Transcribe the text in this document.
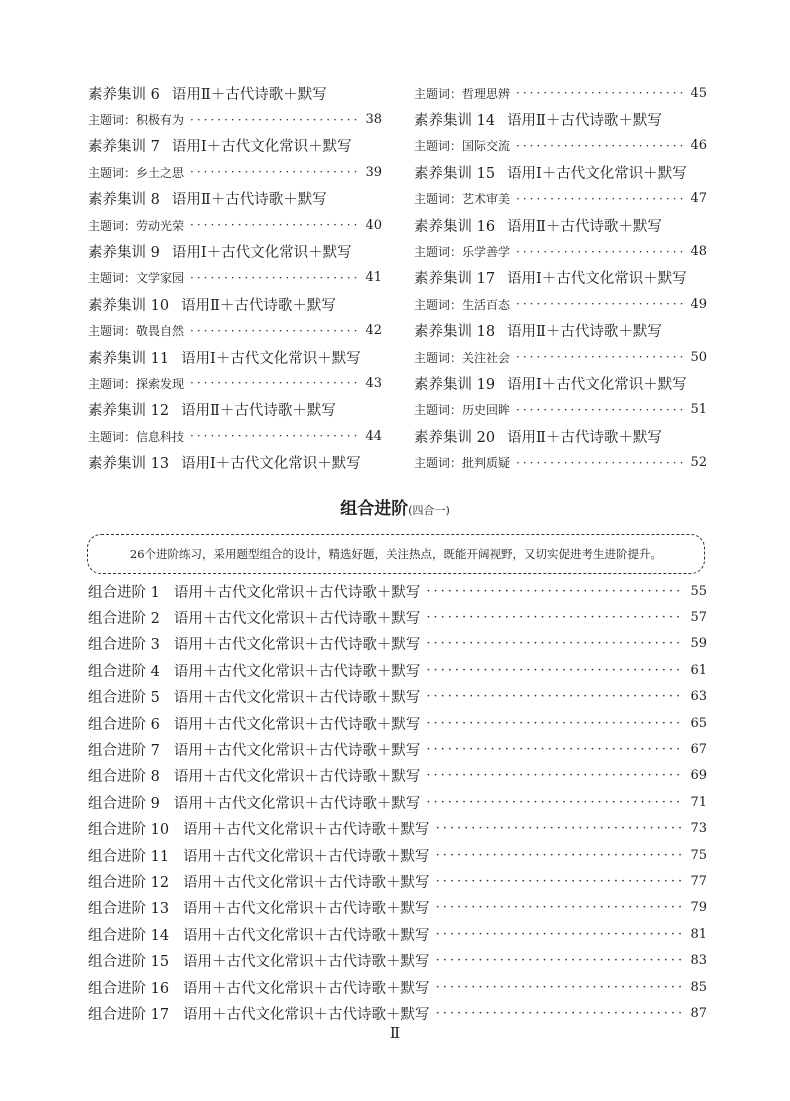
素养集训 6 语用Ⅱ＋古代诗歌＋默写
主题词：积极有为 ·····	38
素养集训 7 语用Ⅰ＋古代文化常识＋默写
主题词：乡土之思 ·····	39
素养集训 8 语用Ⅱ＋古代诗歌＋默写
主题词：劳动光荣 ·····	40
素养集训 9 语用Ⅰ＋古代文化常识＋默写
主题词：文学家园 ·····	41
素养集训 10 语用Ⅱ＋古代诗歌＋默写
主题词：敬畏自然 ·····	42
素养集训 11 语用Ⅰ＋古代文化常识＋默写
主题词：探索发现 ·····	43
素养集训 12 语用Ⅱ＋古代诗歌＋默写
主题词：信息科技 ·····	44
素养集训 13 语用Ⅰ＋古代文化常识＋默写
主题词：哲理思辨 ·····	45
素养集训 14 语用Ⅱ＋古代诗歌＋默写
主题词：国际交流 ·····	46
素养集训 15 语用Ⅰ＋古代文化常识＋默写
主题词：艺术审美 ·····	47
素养集训 16 语用Ⅱ＋古代诗歌＋默写
主题词：乐学善学 ·····	48
素养集训 17 语用Ⅰ＋古代文化常识＋默写
主题词：生活百态 ·····	49
素养集训 18 语用Ⅱ＋古代诗歌＋默写
主题词：关注社会 ·····	50
素养集训 19 语用Ⅰ＋古代文化常识＋默写
主题词：历史回眸 ·····	51
素养集训 20 语用Ⅱ＋古代诗歌＋默写
主题词：批判质疑 ·····	52
组合进阶(四合一)
26个进阶练习，采用题型组合的设计，精选好题，关注热点，既能开阔视野，又切实促进考生进阶提升。
组合进阶 1 语用＋古代文化常识＋古代诗歌＋默写 ·····	55
组合进阶 2 语用＋古代文化常识＋古代诗歌＋默写 ·····	57
组合进阶 3 语用＋古代文化常识＋古代诗歌＋默写 ·····	59
组合进阶 4 语用＋古代文化常识＋古代诗歌＋默写 ·····	61
组合进阶 5 语用＋古代文化常识＋古代诗歌＋默写 ·····	63
组合进阶 6 语用＋古代文化常识＋古代诗歌＋默写 ·····	65
组合进阶 7 语用＋古代文化常识＋古代诗歌＋默写 ·····	67
组合进阶 8 语用＋古代文化常识＋古代诗歌＋默写 ·····	69
组合进阶 9 语用＋古代文化常识＋古代诗歌＋默写 ·····	71
组合进阶 10 语用＋古代文化常识＋古代诗歌＋默写 ·····	73
组合进阶 11 语用＋古代文化常识＋古代诗歌＋默写 ·····	75
组合进阶 12 语用＋古代文化常识＋古代诗歌＋默写 ·····	77
组合进阶 13 语用＋古代文化常识＋古代诗歌＋默写 ·····	79
组合进阶 14 语用＋古代文化常识＋古代诗歌＋默写 ·····	81
组合进阶 15 语用＋古代文化常识＋古代诗歌＋默写 ·····	83
组合进阶 16 语用＋古代文化常识＋古代诗歌＋默写 ·····	85
组合进阶 17 语用＋古代文化常识＋古代诗歌＋默写 ·····	87
Ⅱ
